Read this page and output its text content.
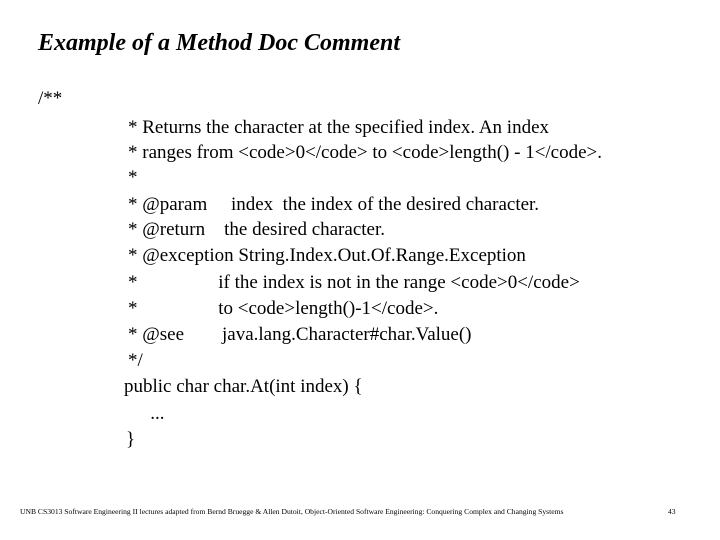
Example of a Method Doc Comment
/**
* Returns the character at the specified index. An index
* ranges from <code>0</code> to <code>length() - 1</code>.
*
* @param     index  the index of the desired character.
* @return    the desired character.
* @exception String.Index.Out.Of.Range.Exception
*                 if the index is not in the range <code>0</code>
*                 to <code>length()-1</code>.
* @see        java.lang.Character#char.Value()
*/
public char char.At(int index) {
...
}
UNB CS3013 Software Engineering II lectures adapted from Bernd Bruegge & Allen Dutoit, Object-Oriented Software Engineering: Conquering Complex and Changing Systems	43
